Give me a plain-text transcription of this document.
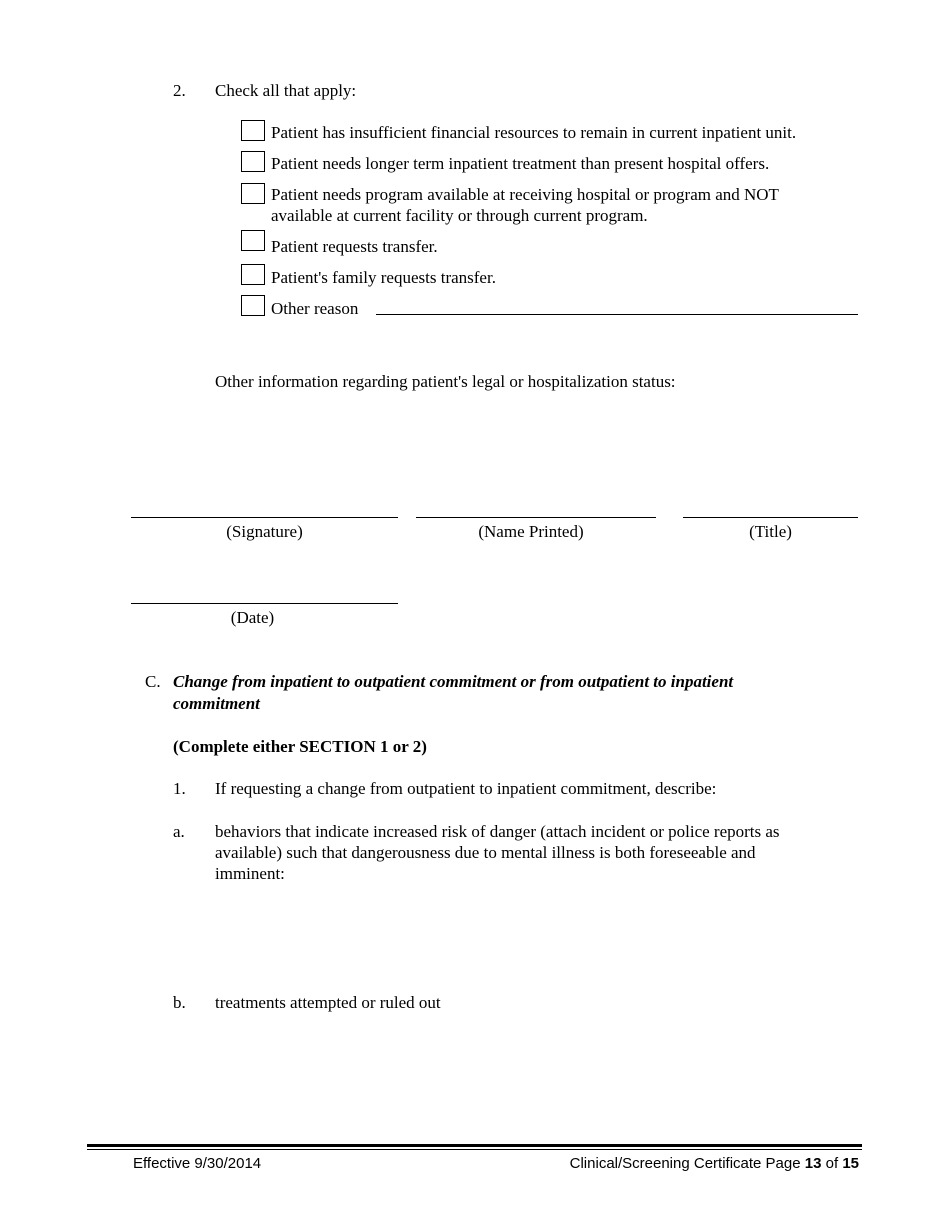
2. Check all that apply:
Patient has insufficient financial resources to remain in current inpatient unit.
Patient needs longer term inpatient treatment than present hospital offers.
Patient needs program available at receiving hospital or program and NOT
available at current facility or through current program.
Patient requests transfer.
Patient's family requests transfer.
Other reason
Other information regarding patient's legal or hospitalization status:
(Signature)	(Name Printed)	(Title)
(Date)
C. Change from inpatient to outpatient commitment or from outpatient to inpatient
commitment
(Complete either SECTION 1 or 2)
1. If requesting a change from outpatient to inpatient commitment, describe:
a. behaviors that indicate increased risk of danger (attach incident or police reports as
available) such that dangerousness due to mental illness is both foreseeable and
imminent:
b. treatments attempted or ruled out
Effective 9/30/2014	Clinical/Screening Certificate Page 13 of 15
